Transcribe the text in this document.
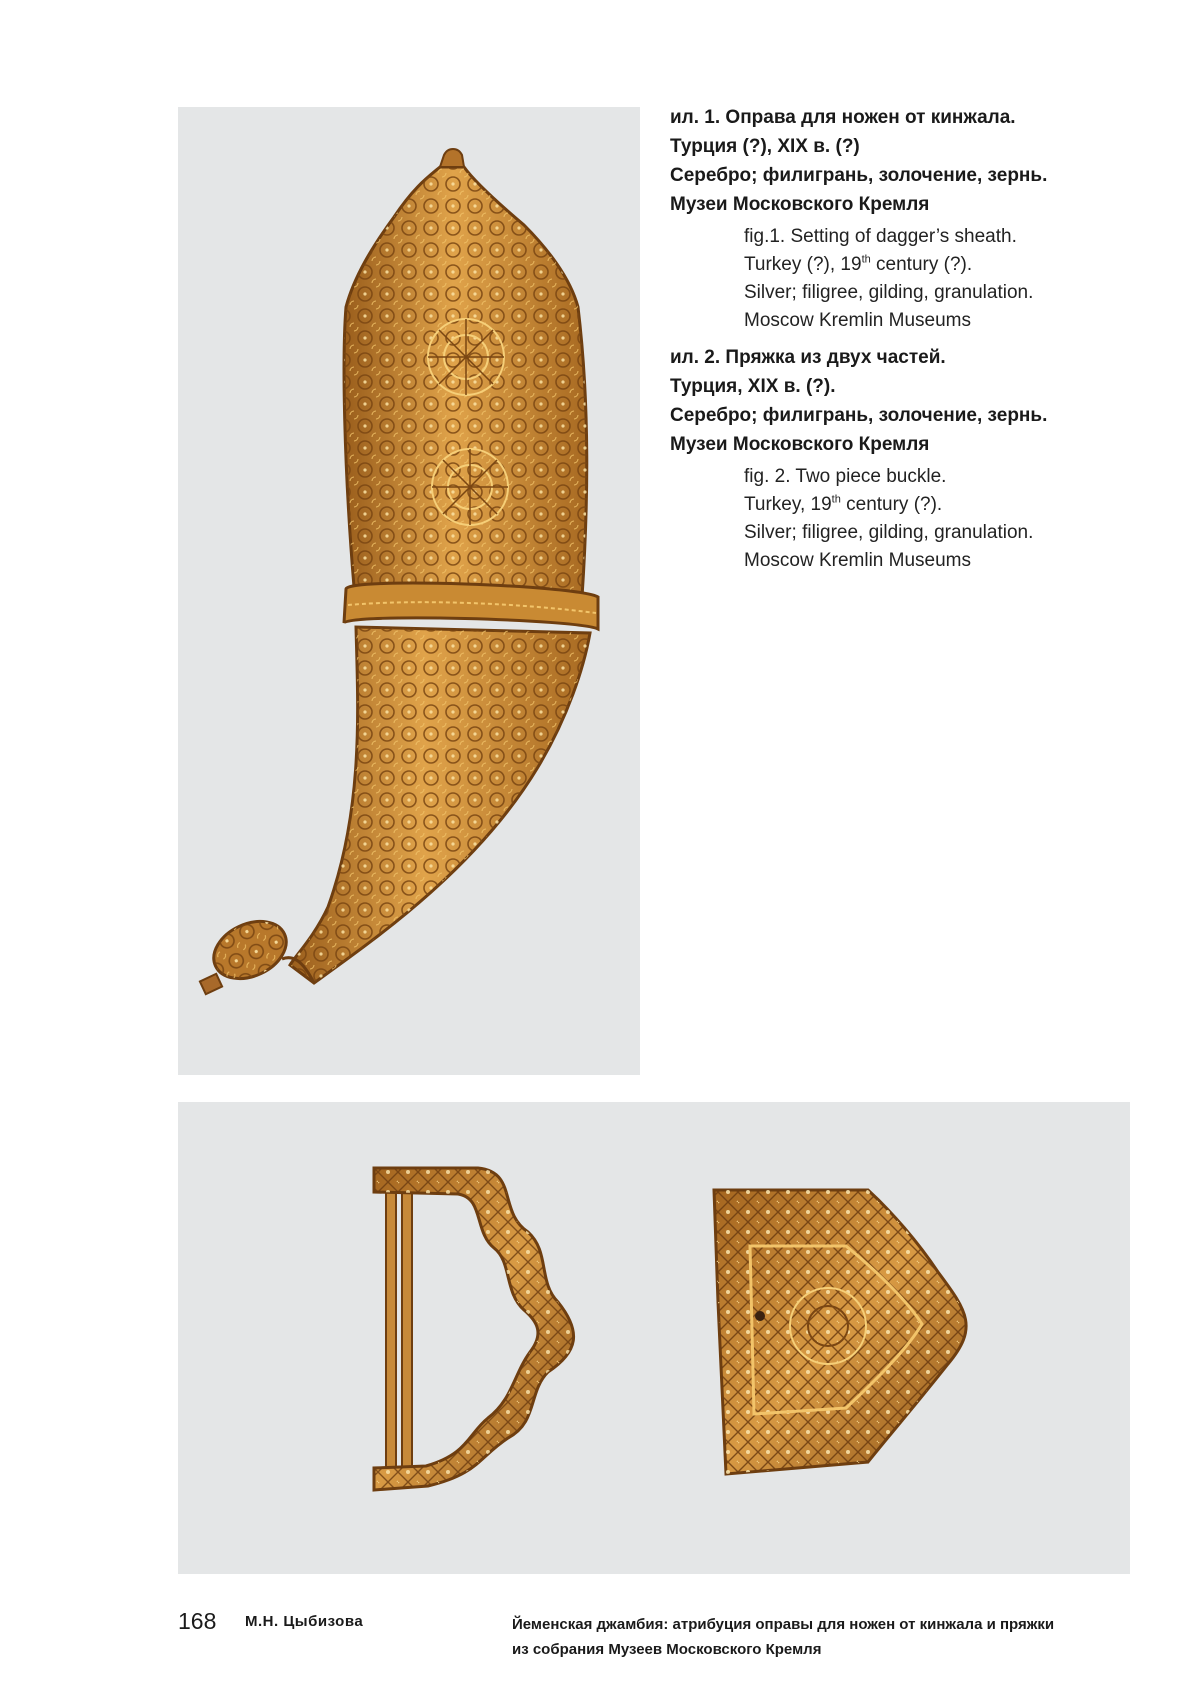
ил. 1. Оправа для ножен от кинжала.
Турция (?), XIX в. (?)
Серебро; филигрань, золочение, зернь.
Музеи Московского Кремля
fig.1. Setting of dagger’s sheath.
Turkey (?), 19th century (?).
Silver; filigree, gilding, granulation.
Moscow Kremlin Museums
ил. 2. Пряжка из двух частей.
Турция, XIX в. (?).
Серебро; филигрань, золочение, зернь.
Музеи Московского Кремля
fig. 2. Two piece buckle.
Turkey, 19th century (?).
Silver; filigree, gilding, granulation.
Moscow Kremlin Museums
168 М.Н. Цыбизова	Йеменская джамбия: атрибуция оправы для ножен от кинжала и пряжки
из собрания Музеев Московского Кремля
